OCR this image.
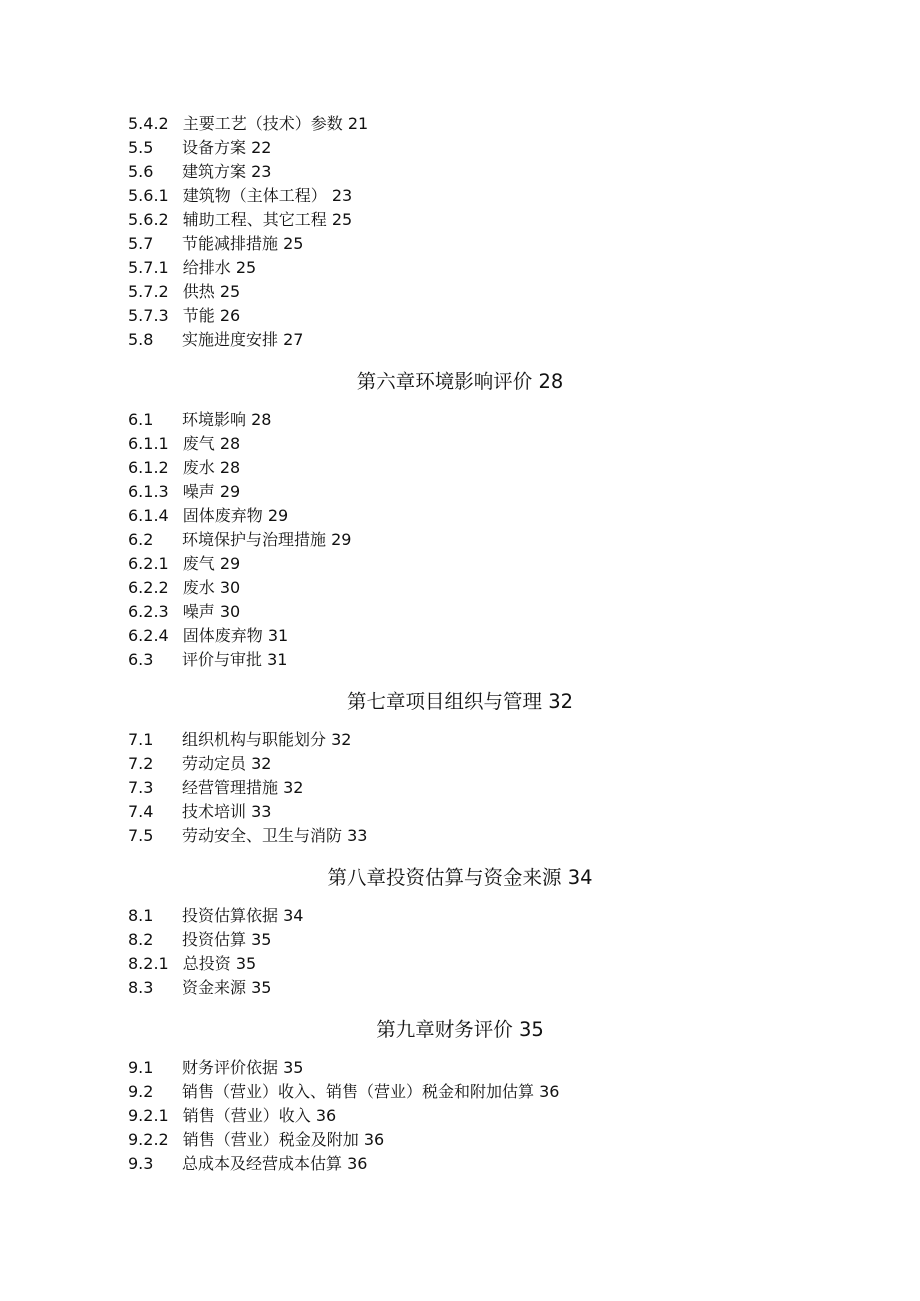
5.4.2 主要工艺（技术）参数 21
5.5 设备方案 22
5.6 建筑方案 23
5.6.1 建筑物（主体工程） 23
5.6.2 辅助工程、其它工程 25
5.7 节能减排措施 25
5.7.1 给排水 25
5.7.2 供热 25
5.7.3 节能 26
5.8 实施进度安排 27
第六章环境影响评价 28
6.1 环境影响 28
6.1.1 废气 28
6.1.2 废水 28
6.1.3 噪声 29
6.1.4 固体废弃物 29
6.2 环境保护与治理措施 29
6.2.1 废气 29
6.2.2 废水 30
6.2.3 噪声 30
6.2.4 固体废弃物 31
6.3 评价与审批 31
第七章项目组织与管理 32
7.1 组织机构与职能划分 32
7.2 劳动定员 32
7.3 经营管理措施 32
7.4 技术培训 33
7.5 劳动安全、卫生与消防 33
第八章投资估算与资金来源 34
8.1 投资估算依据 34
8.2 投资估算 35
8.2.1 总投资 35
8.3 资金来源 35
第九章财务评价 35
9.1 财务评价依据 35
9.2 销售（营业）收入、销售（营业）税金和附加估算 36
9.2.1 销售（营业）收入 36
9.2.2 销售（营业）税金及附加 36
9.3 总成本及经营成本估算 36
